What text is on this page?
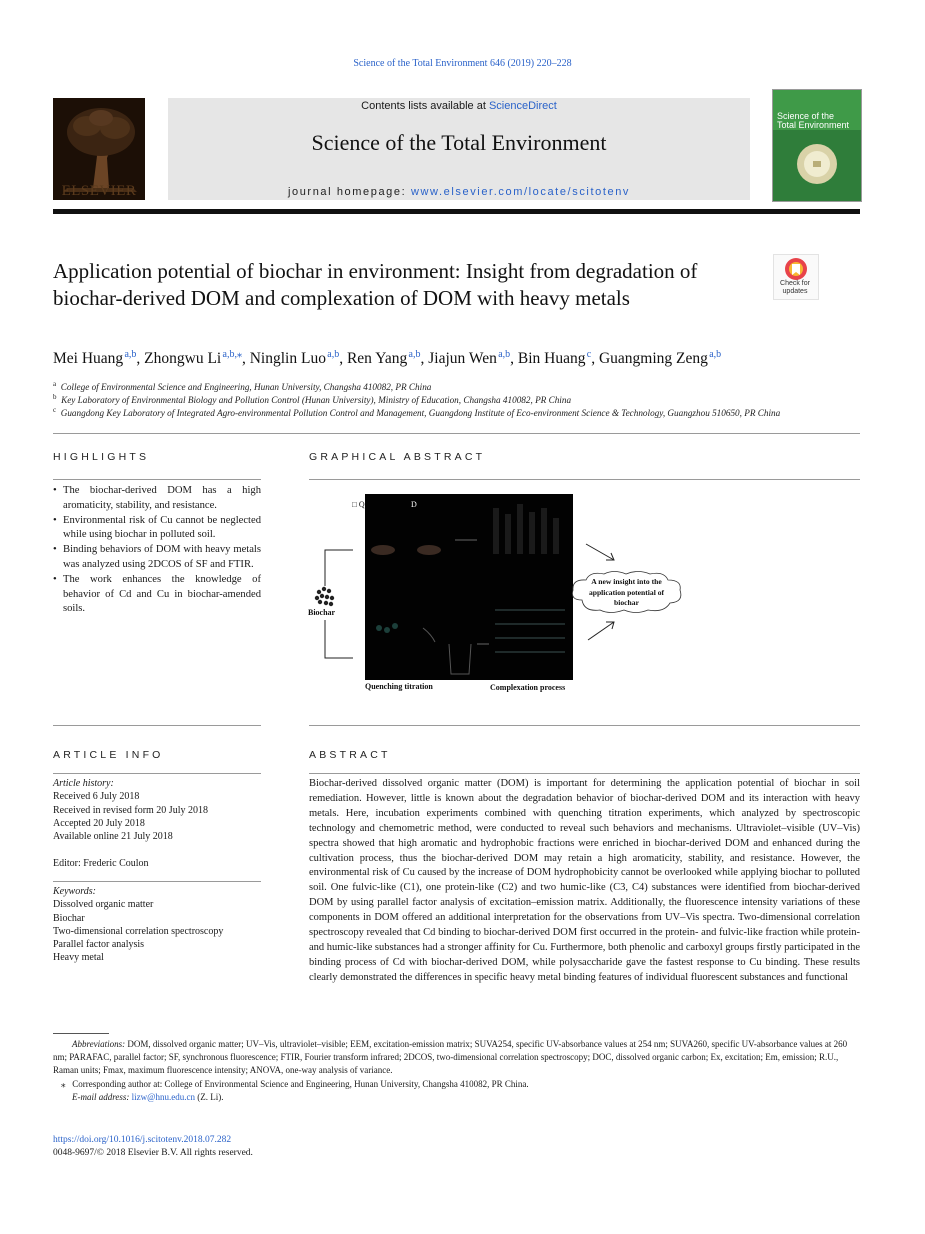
Science of the Total Environment 646 (2019) 220–228
ELSEVIER
Contents lists available at ScienceDirect
Science of the Total Environment
journal homepage: www.elsevier.com/locate/scitotenv
Science of the
Total Environment
Application potential of biochar in environment: Insight from degradation of biochar-derived DOM and complexation of DOM with heavy metals
Check for
updates
Mei Huang $^{a,b}$, Zhongwu Li $^{a,b,⁎}$, Ninglin Luo $^{a,b}$, Ren Yang $^{a,b}$, Jiajun Wen $^{a,b}$, Bin Huang $^c$, Guangming Zeng $^{a,b}$
$^a$ College of Environmental Science and Engineering, Hunan University, Changsha 410082, PR China
$^b$ Key Laboratory of Environmental Biology and Pollution Control (Hunan University), Ministry of Education, Changsha 410082, PR China
$^c$ Guangdong Key Laboratory of Integrated Agro-environmental Pollution Control and Management, Guangdong Institute of Eco-environment Science & Technology, Guangzhou 510650, PR China
HIGHLIGHTS
• The biochar-derived DOM has a high aromaticity, stability, and resistance.
• Environmental risk of Cu cannot be neglected while using biochar in polluted soil.
• Binding behaviors of DOM with heavy metals was analyzed using 2DCOS of SF and FTIR.
• The work enhances the knowledge of behavior of Cd and Cu in biochar-amended soils.
GRAPHICAL ABSTRACT
Biochar
□ Q	D
Quenching titration	Complexation process
A new insight into the
application potential of
biochar
ARTICLE INFO
Article history:
Received 6 July 2018
Received in revised form 20 July 2018
Accepted 20 July 2018
Available online 21 July 2018
Editor: Frederic Coulon
Keywords:
Dissolved organic matter
Biochar
Two-dimensional correlation spectroscopy
Parallel factor analysis
Heavy metal
ABSTRACT
Biochar-derived dissolved organic matter (DOM) is important for determining the application potential of biochar in soil remediation. However, little is known about the degradation behavior of biochar-derived DOM and its interaction with heavy metals. Here, incubation experiments combined with quenching titration experiments, which analyzed by spectroscopic technology and chemometric method, were conducted to reveal such behaviors and mechanisms. Ultraviolet–visible (UV–Vis) spectra showed that high aromatic and hydrophobic fractions were enriched in biochar-derived DOM and enhanced during the cultivation process, thus the biochar-derived DOM may retain a high aromaticity, stability, and resistance. However, the environmental risk of Cu caused by the increase of DOM hydrophobicity cannot be overlooked while applying biochar to polluted soil. One fulvic-like (C1), one protein-like (C2) and two humic-like (C3, C4) substances were identified from biochar-derived DOM by using parallel factor analysis of excitation–emission matrix. Additionally, the fluorescence intensity variations of these components in DOM offered an additional interpretation for the observations from UV–Vis spectra. Two-dimensional correlation spectroscopy revealed that Cd binding to biochar-derived DOM first occurred in the protein- and fulvic-like fraction while protein- and humic-like substances had a stronger affinity for Cu. Furthermore, both phenolic and carboxyl groups firstly participated in the binding process of Cd with biochar-derived DOM, while polysaccharide gave the fastest response to Cu binding. These results clearly demonstrated the differences in specific heavy metal binding features of individual fluorescent substances and functional
Abbreviations: DOM, dissolved organic matter; UV–Vis, ultraviolet–visible; EEM, excitation-emission matrix; SUVA254, specific UV-absorbance values at 254 nm; SUVA260, specific UV-absorbance values at 260 nm; PARAFAC, parallel factor; SF, synchronous fluorescence; FTIR, Fourier transform infrared; 2DCOS, two-dimensional correlation spectroscopy; DOC, dissolved organic carbon; Ex, excitation; Em, emission; R.U., Raman units; Fmax, maximum fluorescence intensity; ANOVA, one-way analysis of variance.
⁎ Corresponding author at: College of Environmental Science and Engineering, Hunan University, Changsha 410082, PR China.
E-mail address: lizw@hnu.edu.cn (Z. Li).
https://doi.org/10.1016/j.scitotenv.2018.07.282
0048-9697/© 2018 Elsevier B.V. All rights reserved.
